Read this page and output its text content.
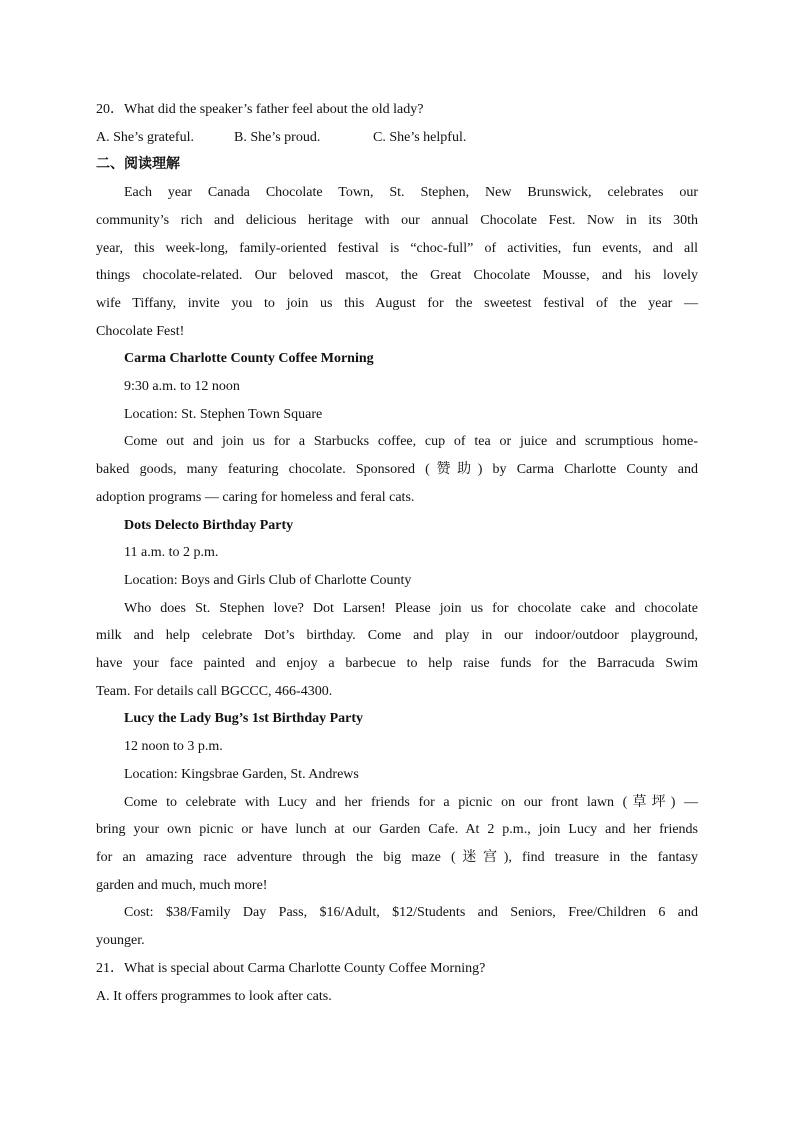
20．What did the speaker’s father feel about the old lady?

A. She’s grateful.	B. She’s proud.	C. She’s helpful.

二、阅读理解

Each year Canada Chocolate Town, St. Stephen, New Brunswick, celebrates our

community’s rich and delicious heritage with our annual Chocolate Fest. Now in its 30th

year, this week-long, family-oriented festival is “choc-full” of activities, fun events, and all

things chocolate-related. Our beloved mascot, the Great Chocolate Mousse, and his lovely

wife Tiffany, invite you to join us this August for the sweetest festival of the year —

Chocolate Fest!

Carma Charlotte County Coffee Morning

9:30 a.m. to 12 noon

Location: St. Stephen Town Square

Come out and join us for a Starbucks coffee, cup of tea or juice and scrumptious home-

baked goods, many featuring chocolate. Sponsored (赞助) by Carma Charlotte County and

adoption programs — caring for homeless and feral cats.

Dots Delecto Birthday Party

11 a.m. to 2 p.m.

Location: Boys and Girls Club of Charlotte County

Who does St. Stephen love? Dot Larsen! Please join us for chocolate cake and chocolate

milk and help celebrate Dot’s birthday. Come and play in our indoor/outdoor playground,

have your face painted and enjoy a barbecue to help raise funds for the Barracuda Swim

Team. For details call BGCCC, 466-4300.

Lucy the Lady Bug’s 1st Birthday Party

12 noon to 3 p.m.

Location: Kingsbrae Garden, St. Andrews

Come to celebrate with Lucy and her friends for a picnic on our front lawn (草坪) —

bring your own picnic or have lunch at our Garden Cafe. At 2 p.m., join Lucy and her friends

for an amazing race adventure through the big maze (迷宫), find treasure in the fantasy

garden and much, much more!

Cost: $38/Family Day Pass, $16/Adult, $12/Students and Seniors, Free/Children 6 and

younger.

21．What is special about Carma Charlotte County Coffee Morning?

A. It offers programmes to look after cats.
